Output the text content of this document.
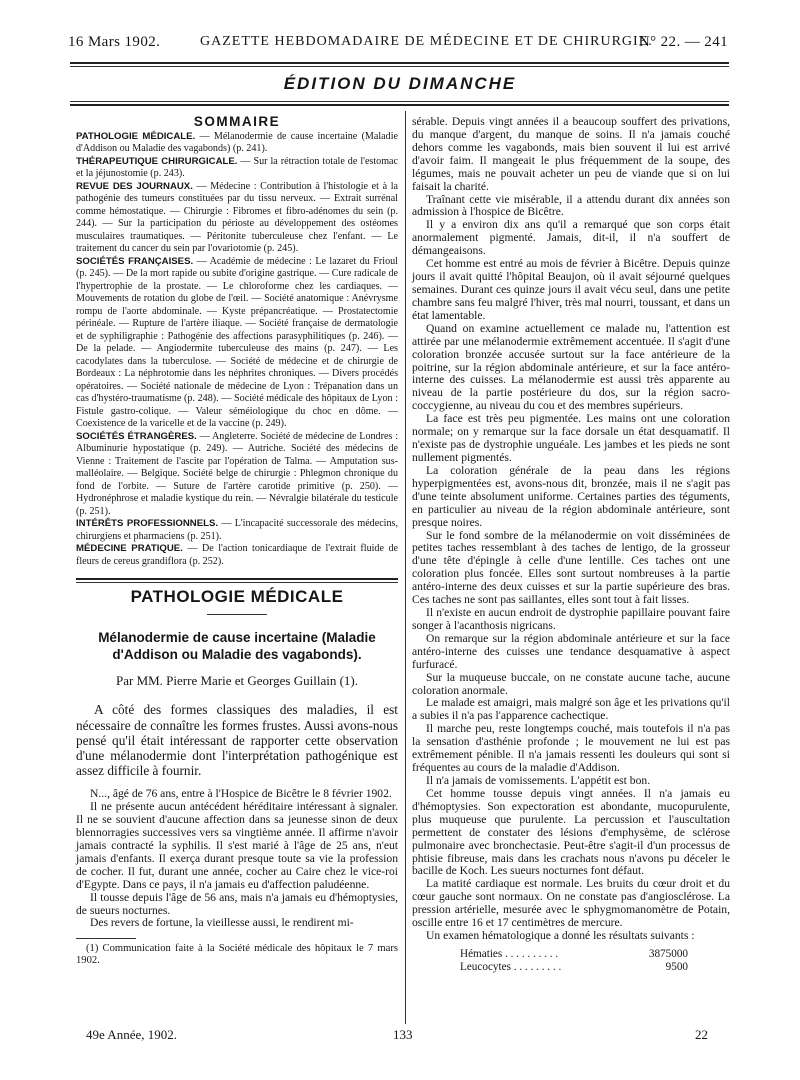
16 Mars 1902.	GAZETTE HEBDOMADAIRE DE MÉDECINE ET DE CHIRURGIE.
N° 22. — 241
ÉDITION DU DIMANCHE
SOMMAIRE

PATHOLOGIE MÉDICALE. — Mélanodermie de cause incertaine (Maladie d'Addison ou Maladie des vagabonds) (p. 241).

THÉRAPEUTIQUE CHIRURGICALE. — Sur la rétraction totale de l'estomac et la jéjunostomie (p. 243).

REVUE DES JOURNAUX. — Médecine : Contribution à l'histologie et à la pathogénie des tumeurs constituées par du tissu nerveux. — Extrait surrénal comme hémostatique. — Chirurgie : Fibromes et fibro-adénomes du sein (p. 244). — Sur la participation du périoste au développement des ostéomes musculaires traumatiques. — Péritonite tuberculeuse chez l'enfant. — Le traitement du cancer du sein par l'ovariotomie (p. 245).

SOCIÉTÉS FRANÇAISES. — Académie de médecine : Le lazaret du Frioul (p. 245). — De la mort rapide ou subite d'origine gastrique. — Cure radicale de l'hypertrophie de la prostate. — Le chloroforme chez les cardiaques. — Mouvements de rotation du globe de l'œil. — Société anatomique : Anévrysme rompu de l'aorte abdominale. — Kyste prépancréatique. — Prostatectomie périnéale. — Rupture de l'artère iliaque. — Société française de dermatologie et de syphiligraphie : Pathogénie des affections parasyphilitiques (p. 246). — De la pelade. — Angiodermite tuberculeuse des mains (p. 247). — Les cacodylates dans la tuberculose. — Société de médecine et de chirurgie de Bordeaux : La néphrotomie dans les néphrites chroniques. — Divers procédés opératoires. — Société nationale de médecine de Lyon : Trépanation dans un cas d'hystéro-traumatisme (p. 248). — Société médicale des hôpitaux de Lyon : Fistule gastro-colique. — Valeur séméiologique du choc en dôme. — Coexistence de la varicelle et de la vaccine (p. 249).

SOCIÉTÉS ÉTRANGÈRES. — Angleterre. Société de médecine de Londres : Albuminurie hypostatique (p. 249). — Autriche. Société des médecins de Vienne : Traitement de l'ascite par l'opération de Talma. — Amputation sus-malléolaire. — Belgique. Société belge de chirurgie : Phlegmon chronique du fond de l'orbite. — Suture de l'artère carotide primitive (p. 250). — Hydronéphrose et maladie kystique du rein. — Névralgie bilatérale du testicule (p. 251).

INTÉRÊTS PROFESSIONNELS. — L'incapacité successorale des médecins, chirurgiens et pharmaciens (p. 251).

MÉDECINE PRATIQUE. — De l'action tonicardiaque de l'extrait fluide de fleurs de cereus grandiflora (p. 252).

PATHOLOGIE MÉDICALE

Mélanodermie de cause incertaine (Maladie d'Addison ou Maladie des vagabonds).

Par MM. Pierre Marie et Georges Guillain (1).

A côté des formes classiques des maladies, il est nécessaire de connaître les formes frustes. Aussi avons-nous pensé qu'il était intéressant de rapporter cette observation d'une mélanodermie dont l'interprétation pathogénique est assez difficile à fournir.

N..., âgé de 76 ans, entre à l'Hospice de Bicêtre le 8 février 1902.

Il ne présente aucun antécédent héréditaire intéressant à signaler. Il ne se souvient d'aucune affection dans sa jeunesse sinon de deux blennorragies successives vers sa vingtième année. Il affirme n'avoir jamais contracté la syphilis. Il s'est marié à l'âge de 25 ans, n'eut jamais d'enfants. Il exerça durant presque toute sa vie la profession de cocher. Il fut, durant une année, cocher au Caire chez le vice-roi d'Egypte. Dans ce pays, il n'a jamais eu d'affection paludéenne.

Il tousse depuis l'âge de 56 ans, mais n'a jamais eu d'hémoptysies, de sueurs nocturnes.

Des revers de fortune, la vieillesse aussi, le rendirent mi-

(1) Communication faite à la Société médicale des hôpitaux le 7 mars 1902.

sérable. Depuis vingt années il a beaucoup souffert des privations, du manque d'argent, du manque de soins. Il n'a jamais couché dehors comme les vagabonds, mais bien souvent il lui est arrivé d'avoir faim. Il mangeait le plus fréquemment de la soupe, des légumes, mais ne pouvait acheter un peu de viande que si on lui faisait la charité.

Traînant cette vie misérable, il a attendu durant dix années son admission à l'hospice de Bicêtre.

Il y a environ dix ans qu'il a remarqué que son corps était anormalement pigmenté. Jamais, dit-il, il n'a souffert de démangeaisons.

Cet homme est entré au mois de février à Bicêtre. Depuis quinze jours il avait quitté l'hôpital Beaujon, où il avait séjourné quelques semaines. Durant ces quinze jours il avait vécu seul, dans une petite chambre sans feu malgré l'hiver, très mal nourri, toussant, et dans un état lamentable.

Quand on examine actuellement ce malade nu, l'attention est attirée par une mélanodermie extrêmement accentuée. Il s'agit d'une coloration bronzée accusée surtout sur la face antérieure de la poitrine, sur la région abdominale antérieure, et sur la face antéro-interne des cuisses. La mélanodermie est aussi très apparente au niveau de la partie postérieure du dos, sur la région sacro-coccygienne, au niveau du cou et des membres supérieurs.

La face est très peu pigmentée. Les mains ont une coloration normale; on y remarque sur la face dorsale un état desquamatif. Il n'existe pas de dystrophie unguéale. Les jambes et les pieds ne sont nullement pigmentés.

La coloration générale de la peau dans les régions hyperpigmentées est, avons-nous dit, bronzée, mais il ne s'agit pas d'une teinte absolument uniforme. Certaines parties des téguments, en particulier au niveau de la région abdominale antérieure, sont presque noires.

Sur le fond sombre de la mélanodermie on voit disséminées de petites taches ressemblant à des taches de lentigo, de la grosseur d'une tête d'épingle à celle d'une lentille. Ces taches ont une coloration plus foncée. Elles sont surtout nombreuses à la partie antéro-interne des deux cuisses et sur la partie supérieure des bras. Ces taches ne sont pas saillantes, elles sont tout à fait lisses.

Il n'existe en aucun endroit de dystrophie papillaire pouvant faire songer à l'acanthosis nigricans.

On remarque sur la région abdominale antérieure et sur la face antéro-interne des cuisses une tendance desquamative à aspect furfuracé.

Sur la muqueuse buccale, on ne constate aucune tache, aucune coloration anormale.

Le malade est amaigri, mais malgré son âge et les privations qu'il a subies il n'a pas l'apparence cachectique.

Il marche peu, reste longtemps couché, mais toutefois il n'a pas la sensation d'asthénie profonde ; le mouvement ne lui est pas extrêmement pénible. Il n'a jamais ressenti les douleurs qui sont si fréquentes au cours de la maladie d'Addison.

Il n'a jamais de vomissements. L'appétit est bon.

Cet homme tousse depuis vingt années. Il n'a jamais eu d'hémoptysies. Son expectoration est abondante, mucopurulente, plus muqueuse que purulente. La percussion et l'auscultation permettent de constater des lésions d'emphysème, de sclérose pulmonaire avec bronchectasie. Peut-être s'agit-il d'un processus de phtisie fibreuse, mais dans les crachats nous n'avons pu déceler le bacille de Koch. Les sueurs nocturnes font défaut.

La matité cardiaque est normale. Les bruits du cœur droit et du cœur gauche sont normaux. On ne constate pas d'angiosclérose. La pression artérielle, mesurée avec le sphygmomanomètre de Potain, oscille entre 16 et 17 centimètres de mercure.

Un examen hématologique a donné les résultats suivants :

Hématies . . . . . . . . . .	3875000
Leucocytes . . . . . . . . .	9500
49e Année, 1902.	133	22
